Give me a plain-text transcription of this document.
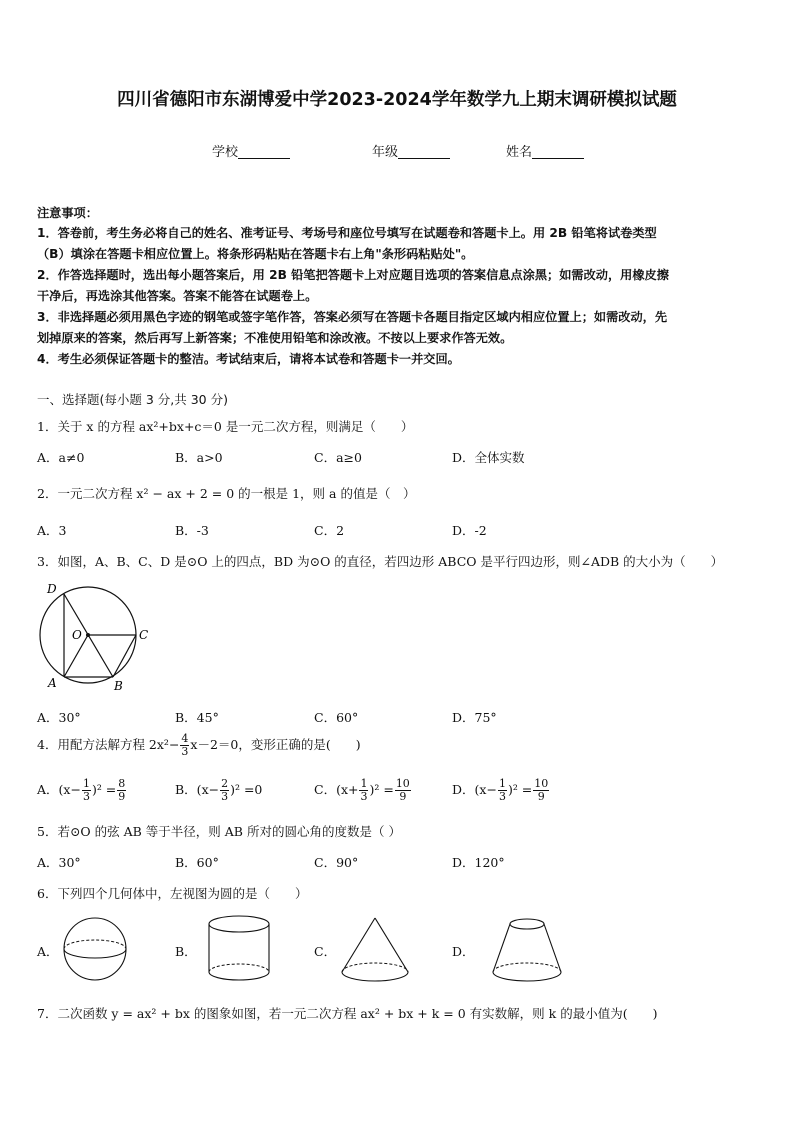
四川省德阳市东湖博爱中学2023-2024学年数学九上期末调研模拟试题
学校	年级	姓名
注意事项：
1．答卷前，考生务必将自己的姓名、准考证号、考场号和座位号填写在试题卷和答题卡上。用 2B 铅笔将试卷类型
（B）填涂在答题卡相应位置上。将条形码粘贴在答题卡右上角"条形码粘贴处"。
2．作答选择题时，选出每小题答案后，用 2B 铅笔把答题卡上对应题目选项的答案信息点涂黑；如需改动，用橡皮擦
干净后，再选涂其他答案。答案不能答在试题卷上。
3．非选择题必须用黑色字迹的钢笔或签字笔作答，答案必须写在答题卡各题目指定区域内相应位置上；如需改动，先
划掉原来的答案，然后再写上新答案；不准使用铅笔和涂改液。不按以上要求作答无效。
4．考生必须保证答题卡的整洁。考试结束后，请将本试卷和答题卡一并交回。
一、选择题(每小题 3 分,共 30 分)
1．关于 x 的方程 ax²+bx+c＝0 是一元二次方程，则满足（　　）
A．a≠0	B．a>0	C．a≥0	D．全体实数
2．一元二次方程 x² − ax + 2 = 0 的一根是 1，则 a 的值是（　）
A．3	B．-3	C．2	D．-2
3．如图，A、B、C、D 是⊙O 上的四点，BD 为⊙O 的直径，若四边形 ABCO 是平行四边形，则∠ADB 的大小为（　　）
D
O	C
A	B
A．30°	B．45°	C．60°	D．75°
4．用配方法解方程 $2x^2- \frac{4}{3} x-2=0$，变形正确的是(　　)
A．$(x- \frac{1}{3} )^2 = \frac{8}{9}$	B．$(x- \frac{2}{3} )^2 =0$	C．$(x+ \frac{1}{3} )^2 = \frac{10}{9}$	D．$(x- \frac{1}{3} )^2 = \frac{10}{9}$
5．若⊙O 的弦 AB 等于半径，则 AB 所对的圆心角的度数是（ ）
A．30°	B．60°	C．90°	D．120°
6．下列四个几何体中，左视图为圆的是（　　）
A．	B．	C．	D．
7．二次函数 y = ax² + bx 的图象如图，若一元二次方程 ax² + bx + k = 0 有实数解，则 k 的最小值为(　　)
